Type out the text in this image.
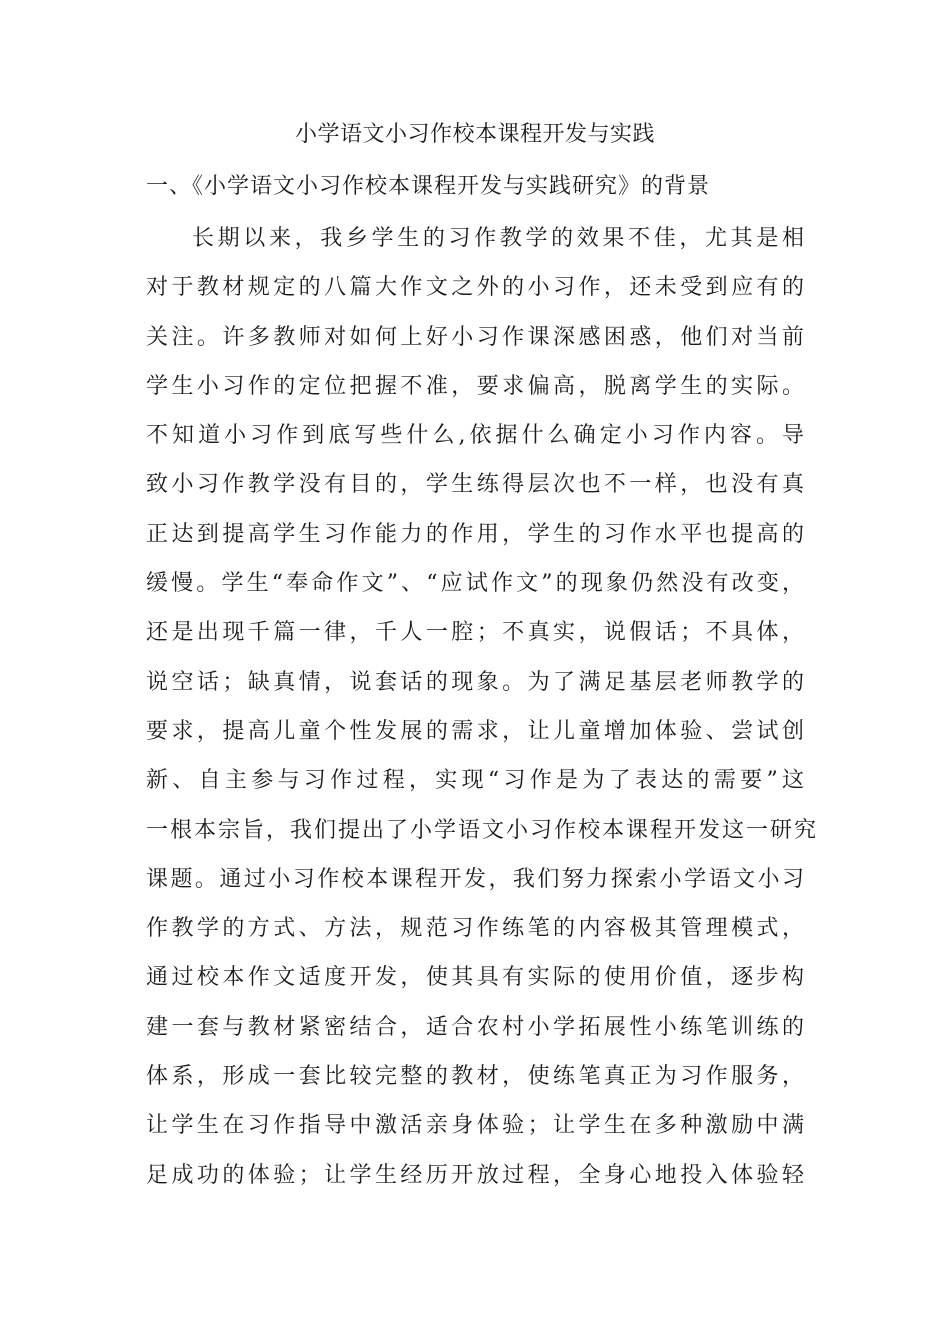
小学语文小习作校本课程开发与实践
一、《小学语文小习作校本课程开发与实践研究》的背景
长期以来，我乡学生的习作教学的效果不佳，尤其是相
对于教材规定的八篇大作文之外的小习作，还未受到应有的
关注。许多教师对如何上好小习作课深感困惑，他们对当前
学生小习作的定位把握不准，要求偏高，脱离学生的实际。
不知道小习作到底写些什么,依据什么确定小习作内容。导
致小习作教学没有目的，学生练得层次也不一样，也没有真
正达到提高学生习作能力的作用，学生的习作水平也提高的
缓慢。学生“奉命作文”、“应试作文”的现象仍然没有改变，
还是出现千篇一律，千人一腔；不真实，说假话；不具体，
说空话；缺真情，说套话的现象。为了满足基层老师教学的
要求，提高儿童个性发展的需求，让儿童增加体验、尝试创
新、自主参与习作过程，实现“习作是为了表达的需要”这
一根本宗旨，我们提出了小学语文小习作校本课程开发这一研究
课题。通过小习作校本课程开发，我们努力探索小学语文小习
作教学的方式、方法，规范习作练笔的内容极其管理模式，
通过校本作文适度开发，使其具有实际的使用价值，逐步构
建一套与教材紧密结合，适合农村小学拓展性小练笔训练的
体系，形成一套比较完整的教材，使练笔真正为习作服务，
让学生在习作指导中激活亲身体验；让学生在多种激励中满
足成功的体验；让学生经历开放过程，全身心地投入体验轻
